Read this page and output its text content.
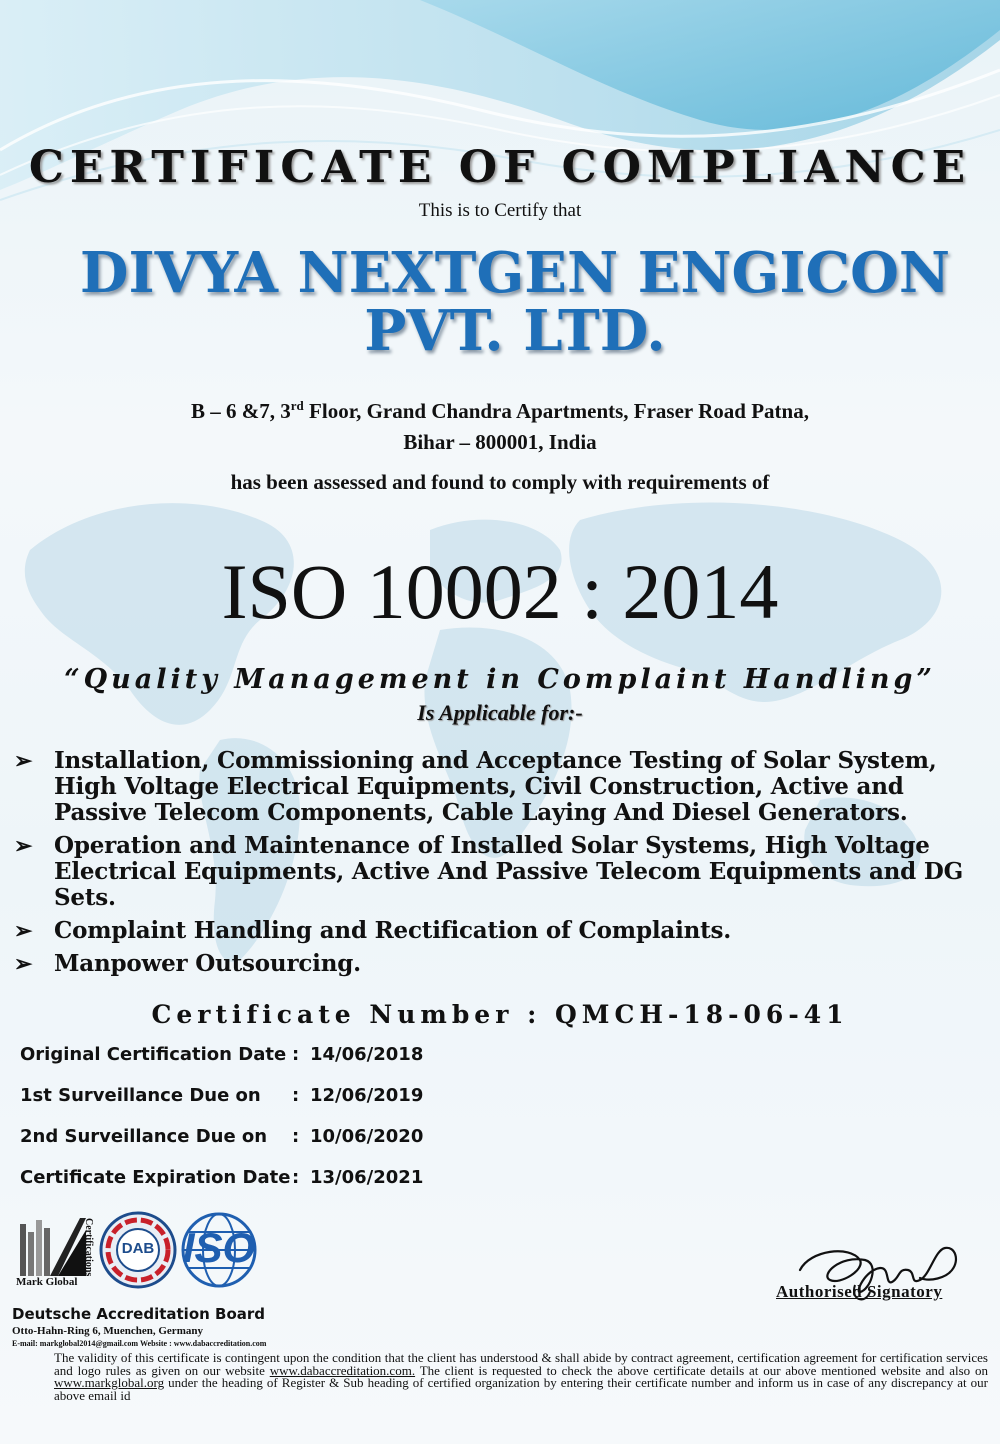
CERTIFICATE OF COMPLIANCE
This is to Certify that
DIVYA NEXTGEN ENGICON
PVT. LTD.
B – 6 &7, 3rd Floor, Grand Chandra Apartments, Fraser Road Patna,
Bihar – 800001, India
has been assessed and found to comply with requirements of
ISO 10002 : 2014
“Quality Management in Complaint Handling”
Is Applicable for:-
➢ Installation, Commissioning and Acceptance Testing of Solar System, High Voltage Electrical Equipments, Civil Construction, Active and Passive Telecom Components, Cable Laying And Diesel Generators.
➢ Operation and Maintenance of Installed Solar Systems, High Voltage Electrical Equipments, Active And Passive Telecom Equipments and DG Sets.
➢ Complaint Handling and Rectification of Complaints.
➢ Manpower Outsourcing.
Certificate Number : QMCH-18-06-41
Original Certification Date : 14/06/2018
1st Surveillance Due on : 12/06/2019
2nd Surveillance Due on : 10/06/2020
Certificate Expiration Date : 13/06/2021
Mark Global
Certifications	DAB ISO
Deutsche Accreditation Board
Otto-Hahn-Ring 6, Muenchen, Germany
E-mail: markglobal2014@gmail.com Website : www.dabaccreditation.com
Authorised Signatory
The validity of this certificate is contingent upon the condition that the client has understood & shall abide by contract agreement, certification agreement for certification services and logo rules as given on our website www.dabaccreditation.com. The client is requested to check the above certificate details at our above mentioned website and also on www.markglobal.org under the heading of Register & Sub heading of certified organization by entering their certificate number and inform us in case of any discrepancy at our above email id
